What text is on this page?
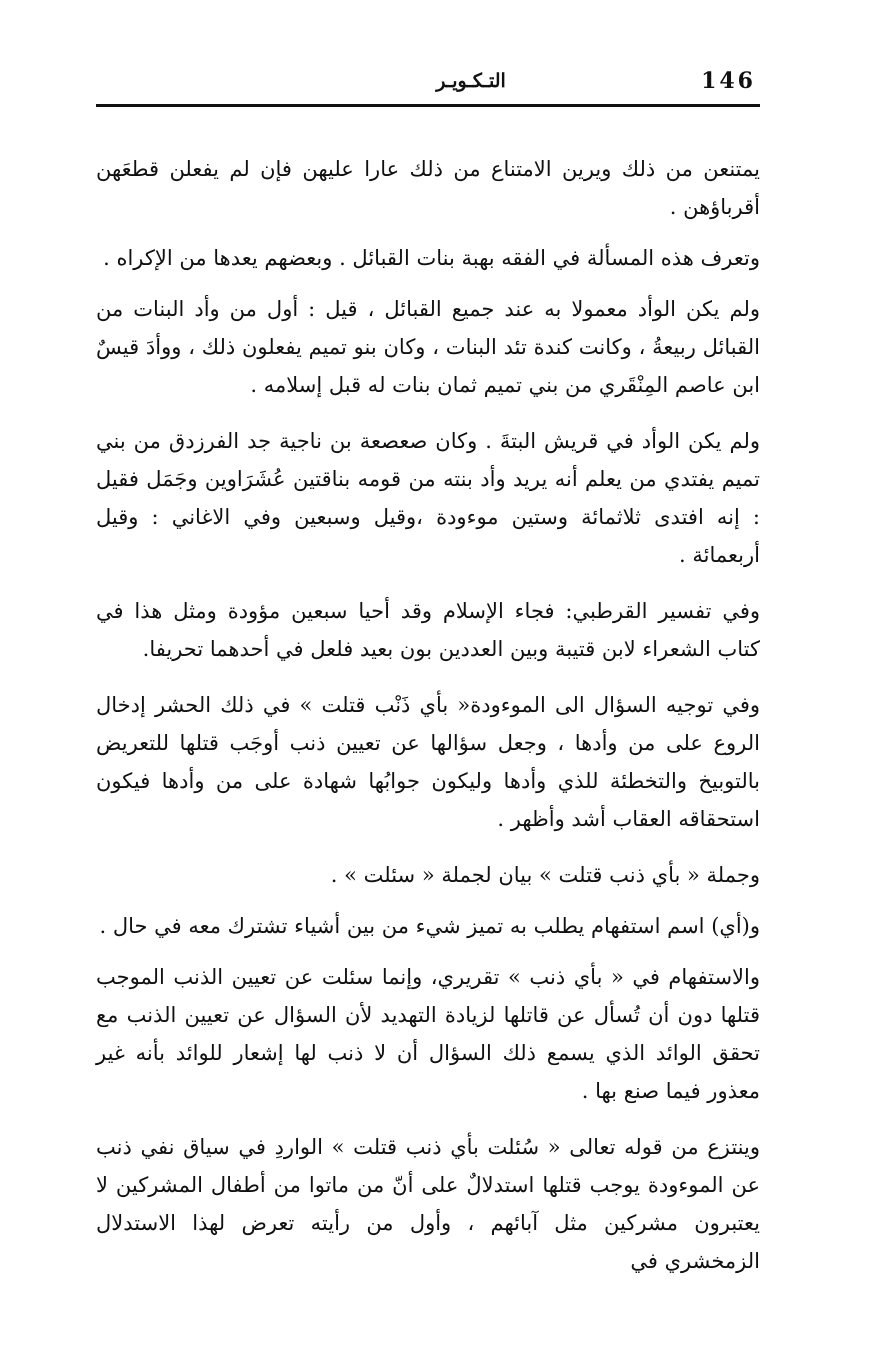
146
التـكـويـر

يمتنعن من ذلك ويرين الامتناع من ذلك عارا عليهن فإن لم يفعلن قطعَهن أقرباؤهن .

وتعرف هذه المسألة في الفقه بهبة بنات القبائل . وبعضهم يعدها من الإكراه .

ولم يكن الوأد معمولا به عند جميع القبائل ، قيل : أول من وأد البنات من القبائل ربيعةُ ، وكانت كندة تئد البنات ، وكان بنو تميم يفعلون ذلك ، ووأدَ قيسٌ ابن عاصم المِنْقَري من بني تميم ثمان بنات له قبل إسلامه .

ولم يكن الوأد في قريش البتةَ . وكان صعصعة بن ناجية جد الفرزدق من بني تميم يفتدي من يعلم أنه يريد وأد بنته من قومه بناقتين عُشَرَاوين وجَمَل فقيل : إنه افتدى ثلاثمائة وستين موءودة ،وقيل وسبعين وفي الاغاني : وقيل أربعمائة .

وفي تفسير القرطبي: فجاء الإسلام وقد أحيا سبعين مؤودة ومثل هذا في كتاب الشعراء لابن قتيبة وبين العددين بون بعيد فلعل في أحدهما تحريفا.

وفي توجيه السؤال الى الموءودة« بأي ذَنْب قتلت » في ذلك الحشر إدخال الروع على من وأدها ، وجعل سؤالها عن تعيين ذنب أوجَب قتلها للتعريض بالتوبيخ والتخطئة للذي وأدها وليكون جوابُها شهادة على من وأدها فيكون استحقاقه العقاب أشد وأظهر .

وجملة « بأي ذنب قتلت » بيان لجملة « سئلت » .

و(أي) اسم استفهام يطلب به تميز شيء من بين أشياء تشترك معه في حال .

والاستفهام في « بأي ذنب » تقريري، وإنما سئلت عن تعيين الذنب الموجب قتلها دون أن تُسأل عن قاتلها لزيادة التهديد لأن السؤال عن تعيين الذنب مع تحقق الوائد الذي يسمع ذلك السؤال أن لا ذنب لها إشعار للوائد بأنه غير معذور فيما صنع بها .

وينتزع من قوله تعالى « سُئلت بأي ذنب قتلت » الواردِ في سياق نفي ذنب عن الموءودة يوجب قتلها استدلالٌ على أنّ من ماتوا من أطفال المشركين لا يعتبرون مشركين مثل آبائهم ، وأول من رأيته تعرض لهذا الاستدلال الزمخشري في
